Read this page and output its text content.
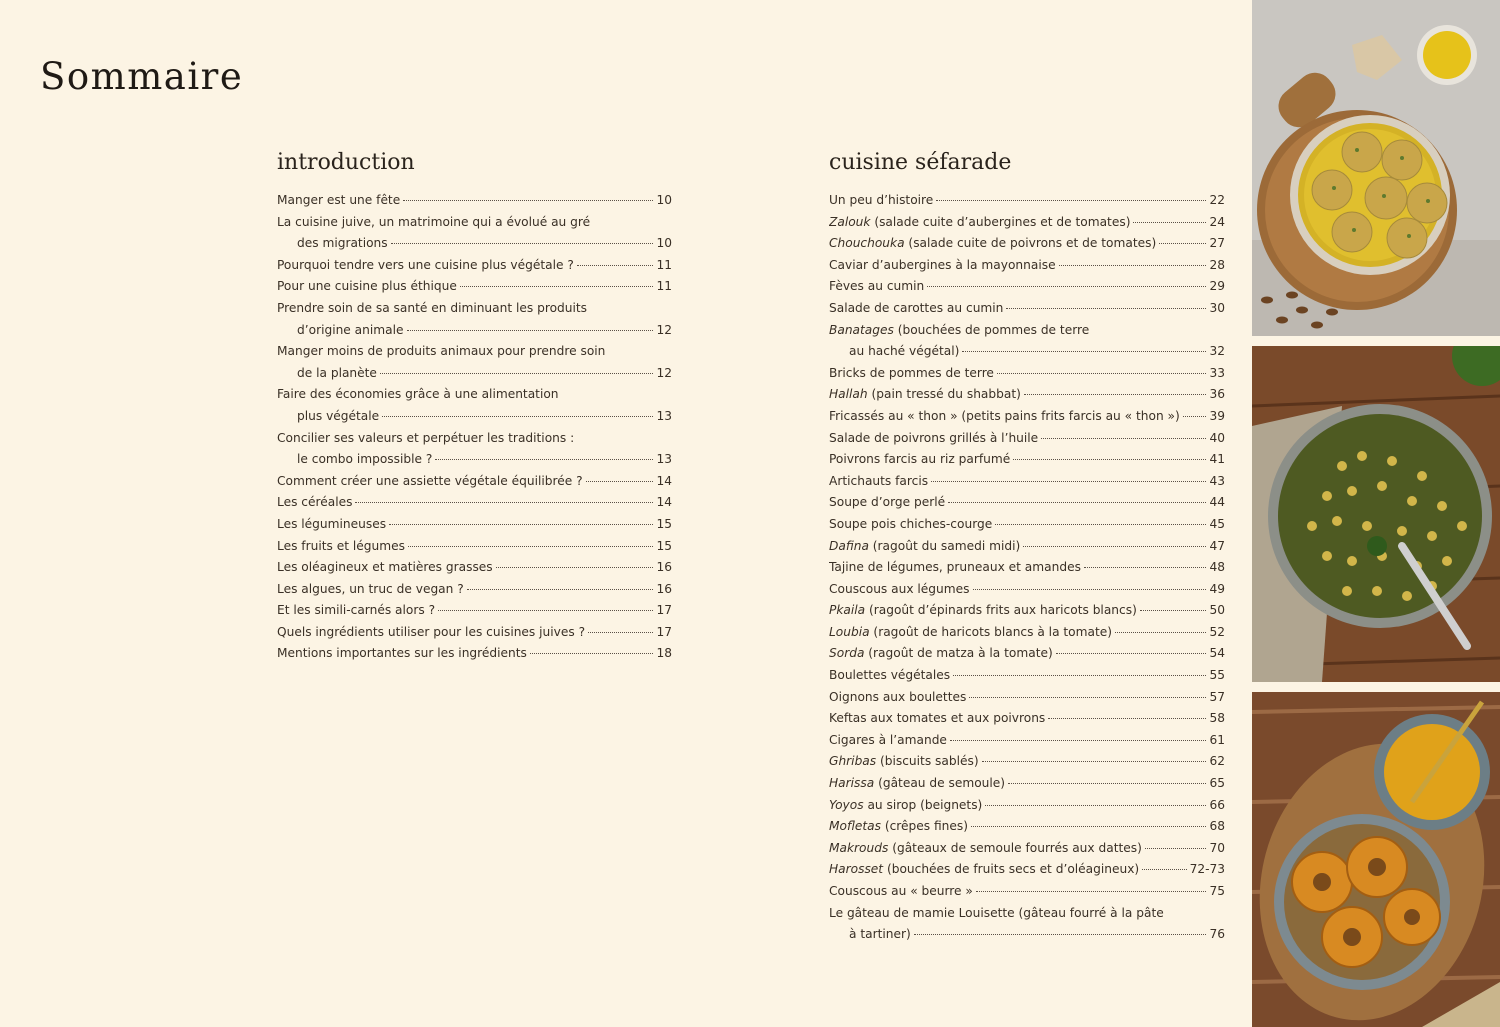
Sommaire
introduction
Manger est une fête	10
La cuisine juive, un matrimoine qui a évolué au gré
des migrations	10
Pourquoi tendre vers une cuisine plus végétale ?	11
Pour une cuisine plus éthique	11
Prendre soin de sa santé en diminuant les produits
d’origine animale	12
Manger moins de produits animaux pour prendre soin
de la planète	12
Faire des économies grâce à une alimentation
plus végétale	13
Concilier ses valeurs et perpétuer les traditions :
le combo impossible ?	13
Comment créer une assiette végétale équilibrée ?	14
Les céréales	14
Les légumineuses	15
Les fruits et légumes	15
Les oléagineux et matières grasses	16
Les algues, un truc de vegan ?	16
Et les simili-carnés alors ?	17
Quels ingrédients utiliser pour les cuisines juives ?	17
Mentions importantes sur les ingrédients	18
cuisine séfarade
Un peu d’histoire	22
Zalouk (salade cuite d’aubergines et de tomates)	24
Chouchouka (salade cuite de poivrons et de tomates)	27
Caviar d’aubergines à la mayonnaise	28
Fèves au cumin	29
Salade de carottes au cumin	30
Banatages (bouchées de pommes de terre
au haché végétal)	32
Bricks de pommes de terre	33
Hallah (pain tressé du shabbat)	36
Fricassés au « thon » (petits pains frits farcis au « thon ») 39
Salade de poivrons grillés à l’huile	40
Poivrons farcis au riz parfumé	41
Artichauts farcis	43
Soupe d’orge perlé	44
Soupe pois chiches-courge	45
Dafina (ragoût du samedi midi)	47
Tajine de légumes, pruneaux et amandes	48
Couscous aux légumes	49
Pkaila (ragoût d’épinards frits aux haricots blancs)	50
Loubia (ragoût de haricots blancs à la tomate)	52
Sorda (ragoût de matza à la tomate)	54
Boulettes végétales	55
Oignons aux boulettes	57
Keftas aux tomates et aux poivrons	58
Cigares à l’amande	61
Ghribas (biscuits sablés)	62
Harissa (gâteau de semoule)	65
Yoyos au sirop (beignets)	66
Mofletas (crêpes fines)	68
Makrouds (gâteaux de semoule fourrés aux dattes)	70
Harosset (bouchées de fruits secs et d’oléagineux)	72-73
Couscous au « beurre »	75
Le gâteau de mamie Louisette (gâteau fourré à la pâte
à tartiner)	76
